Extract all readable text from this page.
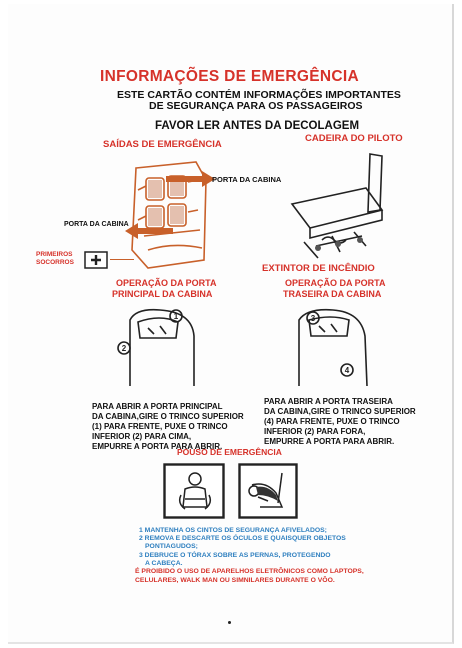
INFORMAÇÕES DE EMERGÊNCIA
ESTE CARTÃO CONTÉM INFORMAÇÕES IMPORTANTES
DE SEGURANÇA PARA OS PASSAGEIROS
FAVOR LER ANTES DA DECOLAGEM
SAÍDAS DE EMERGÊNCIA
PORTA DA CABINA
PORTA DA CABINA
PRIMEIROS
SOCORROS
CADEIRA DO PILOTO
EXTINTOR DE INCÊNDIO
OPERAÇÃO DA PORTA
PRINCIPAL DA CABINA
1
2
PARA ABRIR A PORTA PRINCIPAL
DA CABINA,GIRE O TRINCO SUPERIOR
(1) PARA FRENTE, PUXE O TRINCO
INFERIOR (2) PARA CIMA,
EMPURRE A PORTA PARA ABRIR.
OPERAÇÃO DA PORTA
TRASEIRA DA CABINA
3
4
PARA ABRIR A PORTA TRASEIRA
DA CABINA,GIRE O TRINCO SUPERIOR
(4) PARA FRENTE, PUXE O TRINCO
INFERIOR (2) PARA FORA,
EMPURRE A PORTA PARA ABRIR.
POUSO DE EMERGÊNCIA
1 MANTENHA OS CINTOS DE SEGURANÇA AFIVELADOS;
2 REMOVA E DESCARTE OS ÓCULOS E QUAISQUER OBJETOS
PONTIAGUDOS;
3 DEBRUCE O TÓRAX SOBRE AS PERNAS, PROTEGENDO
A CABEÇA.
É PROIBIDO O USO DE APARELHOS ELETRÔNICOS COMO LAPTOPS,
CELULARES, WALK MAN OU SIMNILARES DURANTE O VÔO.
